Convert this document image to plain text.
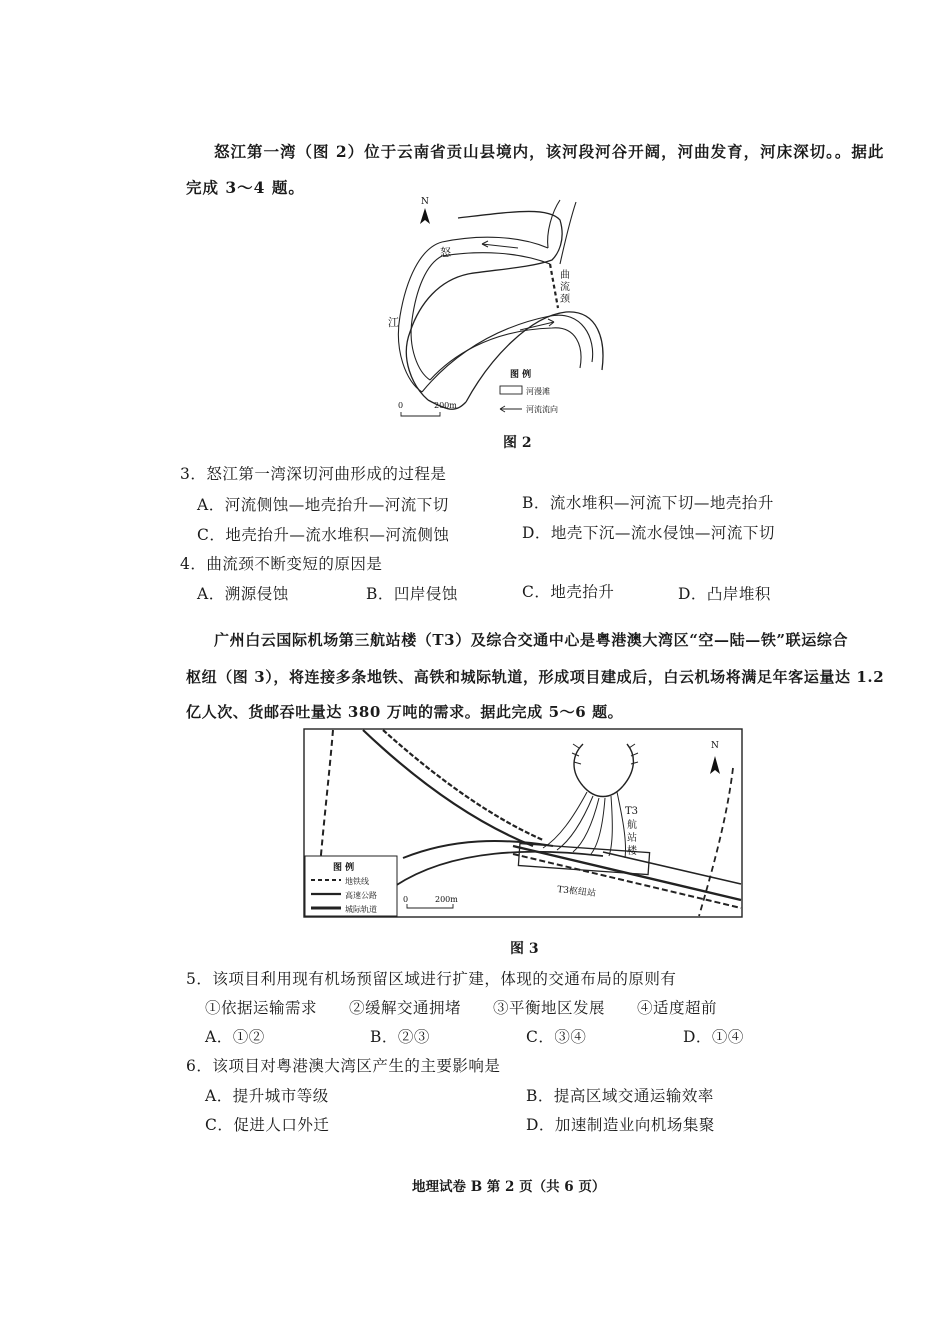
怒江第一湾（图 2）位于云南省贡山县境内，该河段河谷开阔，河曲发育，河床深切。。据此
完成 3～4 题。
N
怒
江
曲
流
颈
图 例
河漫滩
河流流向
0	200m
图 2
3．怒江第一湾深切河曲形成的过程是
A．河流侧蚀—地壳抬升—河流下切	B．流水堆积—河流下切—地壳抬升
C．地壳抬升—流水堆积—河流侧蚀	D．地壳下沉—流水侵蚀—河流下切
4．曲流颈不断变短的原因是
A．溯源侵蚀	B．凹岸侵蚀	C．地壳抬升	D．凸岸堆积
广州白云国际机场第三航站楼（T3）及综合交通中心是粤港澳大湾区“空—陆—铁”联运综合
枢纽（图 3），将连接多条地铁、高铁和城际轨道，形成项目建成后，白云机场将满足年客运量达 1.2
亿人次、货邮吞吐量达 380 万吨的需求。据此完成 5～6 题。
N
T3
航
站
楼
T3枢纽站
图 例
地铁线
高速公路
城际轨道
0	200m
图 3
5．该项目利用现有机场预留区域进行扩建，体现的交通布局的原则有
①依据运输需求　　②缓解交通拥堵　　③平衡地区发展　　④适度超前
A．①②	B．②③	C．③④	D．①④
6．该项目对粤港澳大湾区产生的主要影响是
A．提升城市等级	B．提高区域交通运输效率
C．促进人口外迁	D．加速制造业向机场集聚
地理试卷 B 第 2 页（共 6 页）
